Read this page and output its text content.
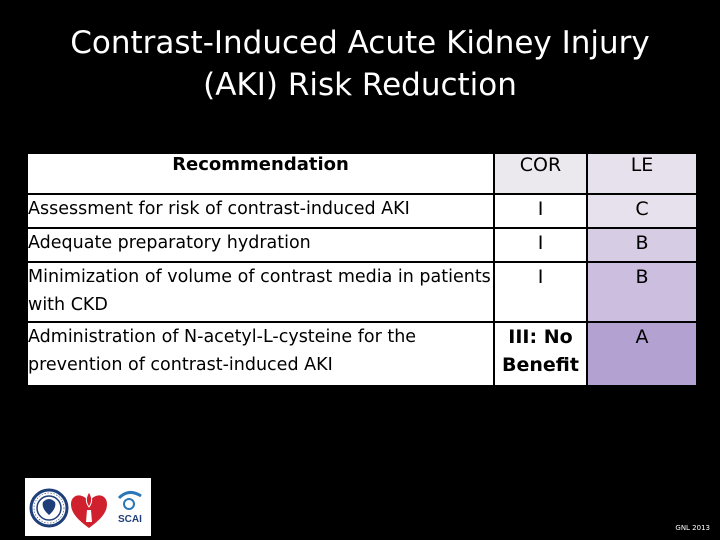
Contrast-Induced Acute Kidney Injury
(AKI) Risk Reduction
Recommendation	COR	LE
Assessment for risk of contrast-induced AKI	I	C
Adequate preparatory hydration	I	B
Minimization of volume of contrast media in patients with CKD	I	B
Administration of N-acetyl-L-cysteine for the prevention of contrast-induced AKI	III: No Benefit	A
SCAI
GNL 2013
